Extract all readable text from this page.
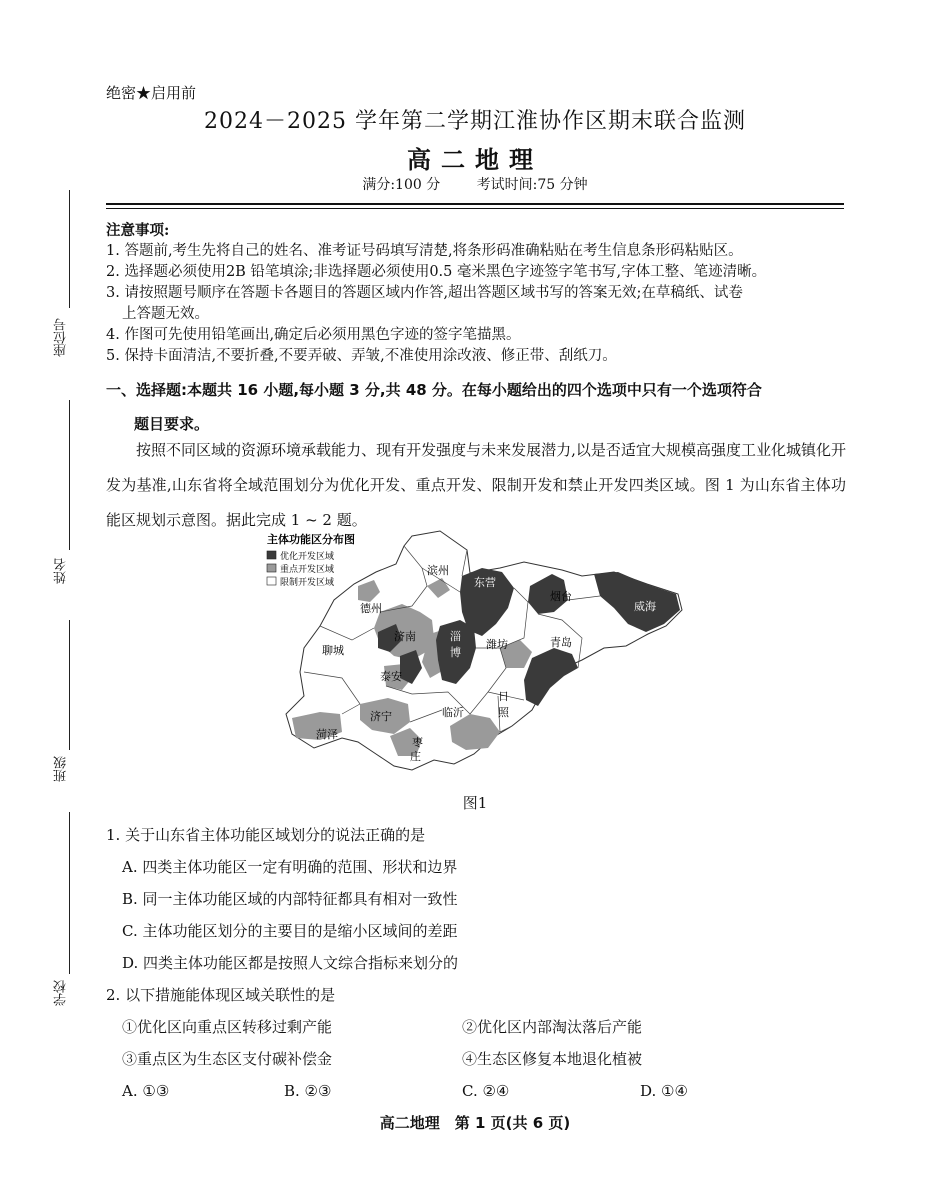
座位号
姓名
班级
学校
绝密★启用前
2024－2025 学年第二学期江淮协作区期末联合监测
高二地理
满分:100 分	考试时间:75 分钟
注意事项:
1. 答题前,考生先将自己的姓名、准考证号码填写清楚,将条形码准确粘贴在考生信息条形码粘贴区。
2. 选择题必须使用2B 铅笔填涂;非选择题必须使用0.5 毫米黑色字迹签字笔书写,字体工整、笔迹清晰。
3. 请按照题号顺序在答题卡各题目的答题区域内作答,超出答题区域书写的答案无效;在草稿纸、试卷
上答题无效。
4. 作图可先使用铅笔画出,确定后必须用黑色字迹的签字笔描黑。
5. 保持卡面清洁,不要折叠,不要弄破、弄皱,不准使用涂改液、修正带、刮纸刀。
一、选择题:本题共 16 小题,每小题 3 分,共 48 分。在每小题给出的四个选项中只有一个选项符合
题目要求。
按照不同区域的资源环境承载能力、现有开发强度与未来发展潜力,以是否适宜大规模高强度工业化城镇化开发为基准,山东省将全域范围划分为优化开发、重点开发、限制开发和禁止开发四类区域。图 1 为山东省主体功能区规划示意图。据此完成 1 ~ 2 题。
主体功能区分布图
优化开发区域
重点开发区域
限制开发区域
滨州
东营
烟台
威海
德州
济南	淄
博
潍坊	青岛
聊城
泰安
日
照
济宁	临沂
菏泽
枣
庄
图1
1. 关于山东省主体功能区域划分的说法正确的是
A. 四类主体功能区一定有明确的范围、形状和边界
B. 同一主体功能区域的内部特征都具有相对一致性
C. 主体功能区划分的主要目的是缩小区域间的差距
D. 四类主体功能区都是按照人文综合指标来划分的
2. 以下措施能体现区域关联性的是
①优化区向重点区转移过剩产能	②优化区内部淘汰落后产能
③重点区为生态区支付碳补偿金	④生态区修复本地退化植被
A. ①③	B. ②③	C. ②④	D. ①④
高二地理　第 1 页(共 6 页)
